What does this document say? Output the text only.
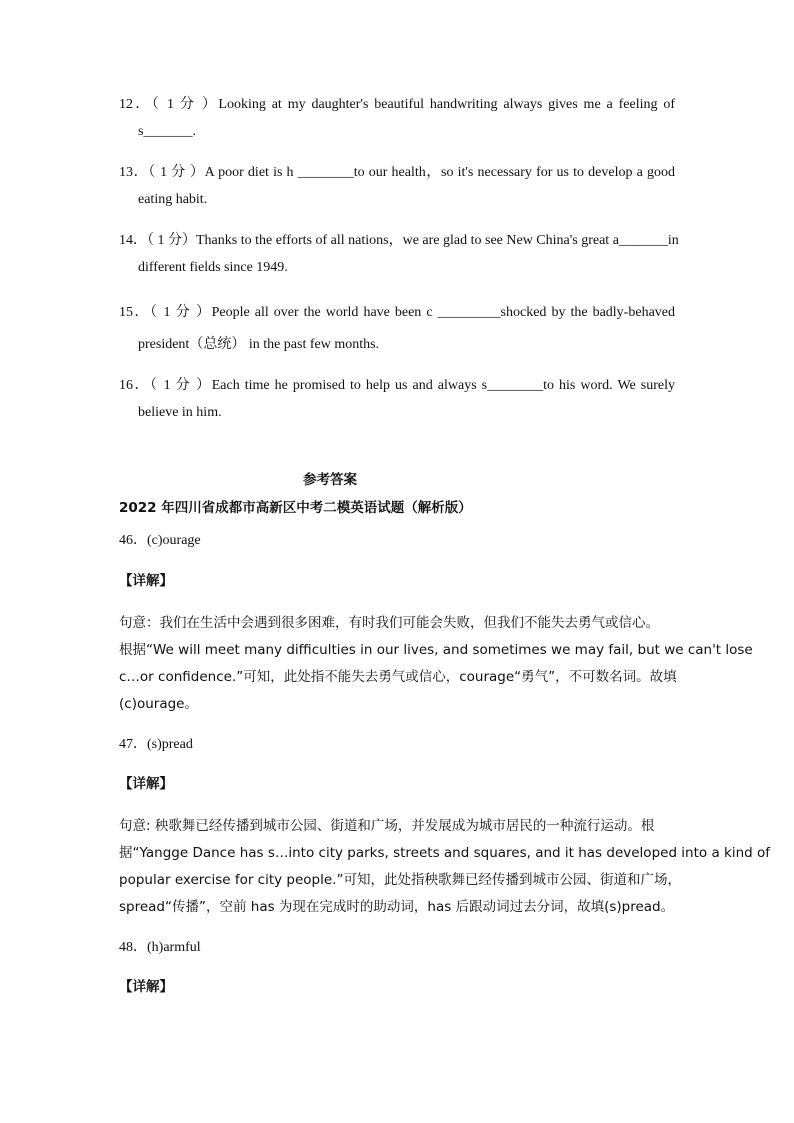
12．（ 1 分 ）Looking at my daughter's beautiful handwriting always gives me a feeling of
s_______.
13．（ 1 分 ）A poor diet is h ________to our health，so it's necessary for us to develop a good
eating habit.
14．（ 1 分）Thanks to the efforts of all nations，we are glad to see New China's great a_______in
different fields since 1949.
15．（ 1 分 ）People all over the world have been c _________shocked by the badly-behaved
president（总统） in the past few months.
16．（ 1 分 ）Each time he promised to help us and always s________to his word. We surely
believe in him.
参考答案
2022 年四川省成都市高新区中考二模英语试题（解析版）
46．(c)ourage
【详解】
句意：我们在生活中会遇到很多困难，有时我们可能会失败，但我们不能失去勇气或信心。
根据“We will meet many difficulties in our lives, and sometimes we may fail, but we can't lose
c…or confidence.”可知，此处指不能失去勇气或信心，courage“勇气”，不可数名词。故填
(c)ourage。
47．(s)pread
【详解】
句意: 秧歌舞已经传播到城市公园、街道和广场，并发展成为城市居民的一种流行运动。根
据“Yangge Dance has s…into city parks, streets and squares, and it has developed into a kind of
popular exercise for city people.”可知，此处指秧歌舞已经传播到城市公园、街道和广场，
spread“传播”，空前 has 为现在完成时的助动词，has 后跟动词过去分词，故填(s)pread。
48．(h)armful
【详解】
